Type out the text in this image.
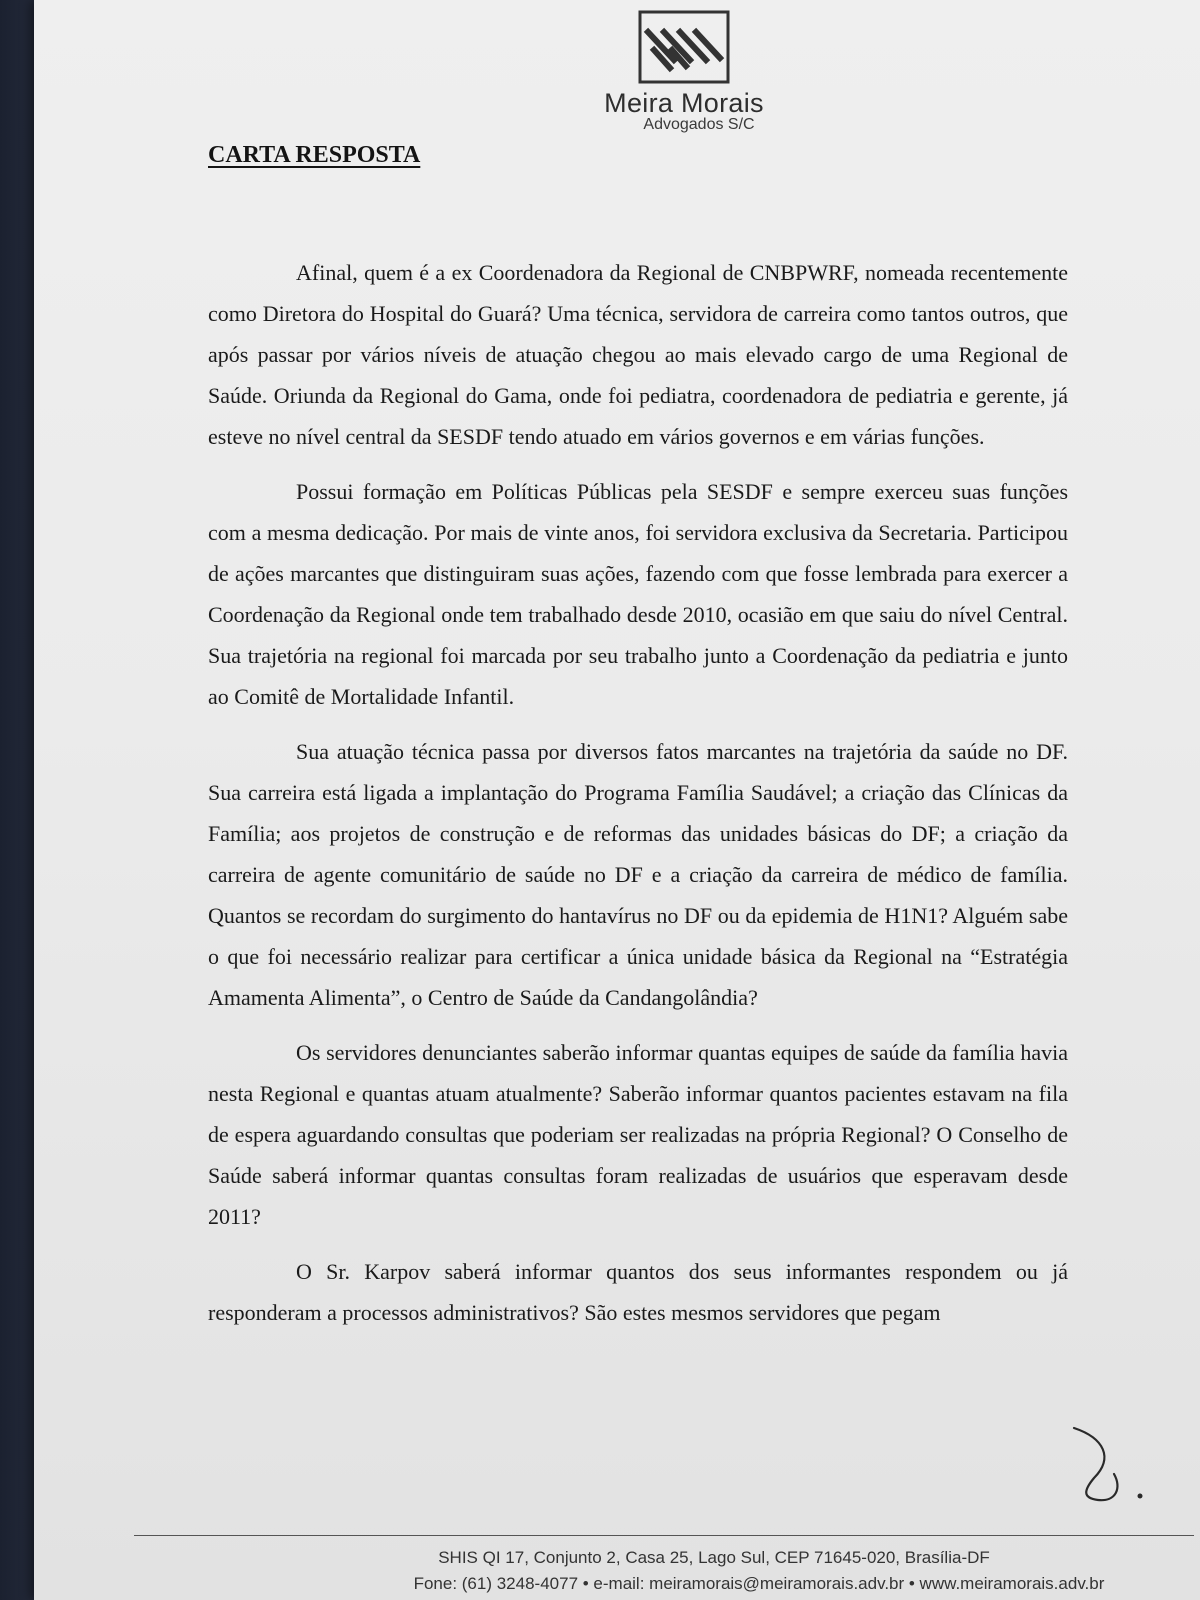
Meira Morais
Advogados S/C
CARTA RESPOSTA

Afinal, quem é a ex Coordenadora da Regional de CNBPWRF, nomeada recentemente como Diretora do Hospital do Guará? Uma técnica, servidora de carreira como tantos outros, que após passar por vários níveis de atuação chegou ao mais elevado cargo de uma Regional de Saúde. Oriunda da Regional do Gama, onde foi pediatra, coordenadora de pediatria e gerente, já esteve no nível central da SESDF tendo atuado em vários governos e em várias funções.

Possui formação em Políticas Públicas pela SESDF e sempre exerceu suas funções com a mesma dedicação. Por mais de vinte anos, foi servidora exclusiva da Secretaria. Participou de ações marcantes que distinguiram suas ações, fazendo com que fosse lembrada para exercer a Coordenação da Regional onde tem trabalhado desde 2010, ocasião em que saiu do nível Central. Sua trajetória na regional foi marcada por seu trabalho junto a Coordenação da pediatria e junto ao Comitê de Mortalidade Infantil.

Sua atuação técnica passa por diversos fatos marcantes na trajetória da saúde no DF. Sua carreira está ligada a implantação do Programa Família Saudável; a criação das Clínicas da Família; aos projetos de construção e de reformas das unidades básicas do DF; a criação da carreira de agente comunitário de saúde no DF e a criação da carreira de médico de família. Quantos se recordam do surgimento do hantavírus no DF ou da epidemia de H1N1? Alguém sabe o que foi necessário realizar para certificar a única unidade básica da Regional na “Estratégia Amamenta Alimenta”, o Centro de Saúde da Candangolândia?

Os servidores denunciantes saberão informar quantas equipes de saúde da família havia nesta Regional e quantas atuam atualmente? Saberão informar quantos pacientes estavam na fila de espera aguardando consultas que poderiam ser realizadas na própria Regional? O Conselho de Saúde saberá informar quantas consultas foram realizadas de usuários que esperavam desde 2011?

O Sr. Karpov saberá informar quantos dos seus informantes respondem ou já responderam a processos administrativos? São estes mesmos servidores que pegam

SHIS QI 17, Conjunto 2, Casa 25, Lago Sul, CEP 71645-020, Brasília-DF
Fone: (61) 3248-4077 • e-mail: meiramorais@meiramorais.adv.br • www.meiramorais.adv.br
